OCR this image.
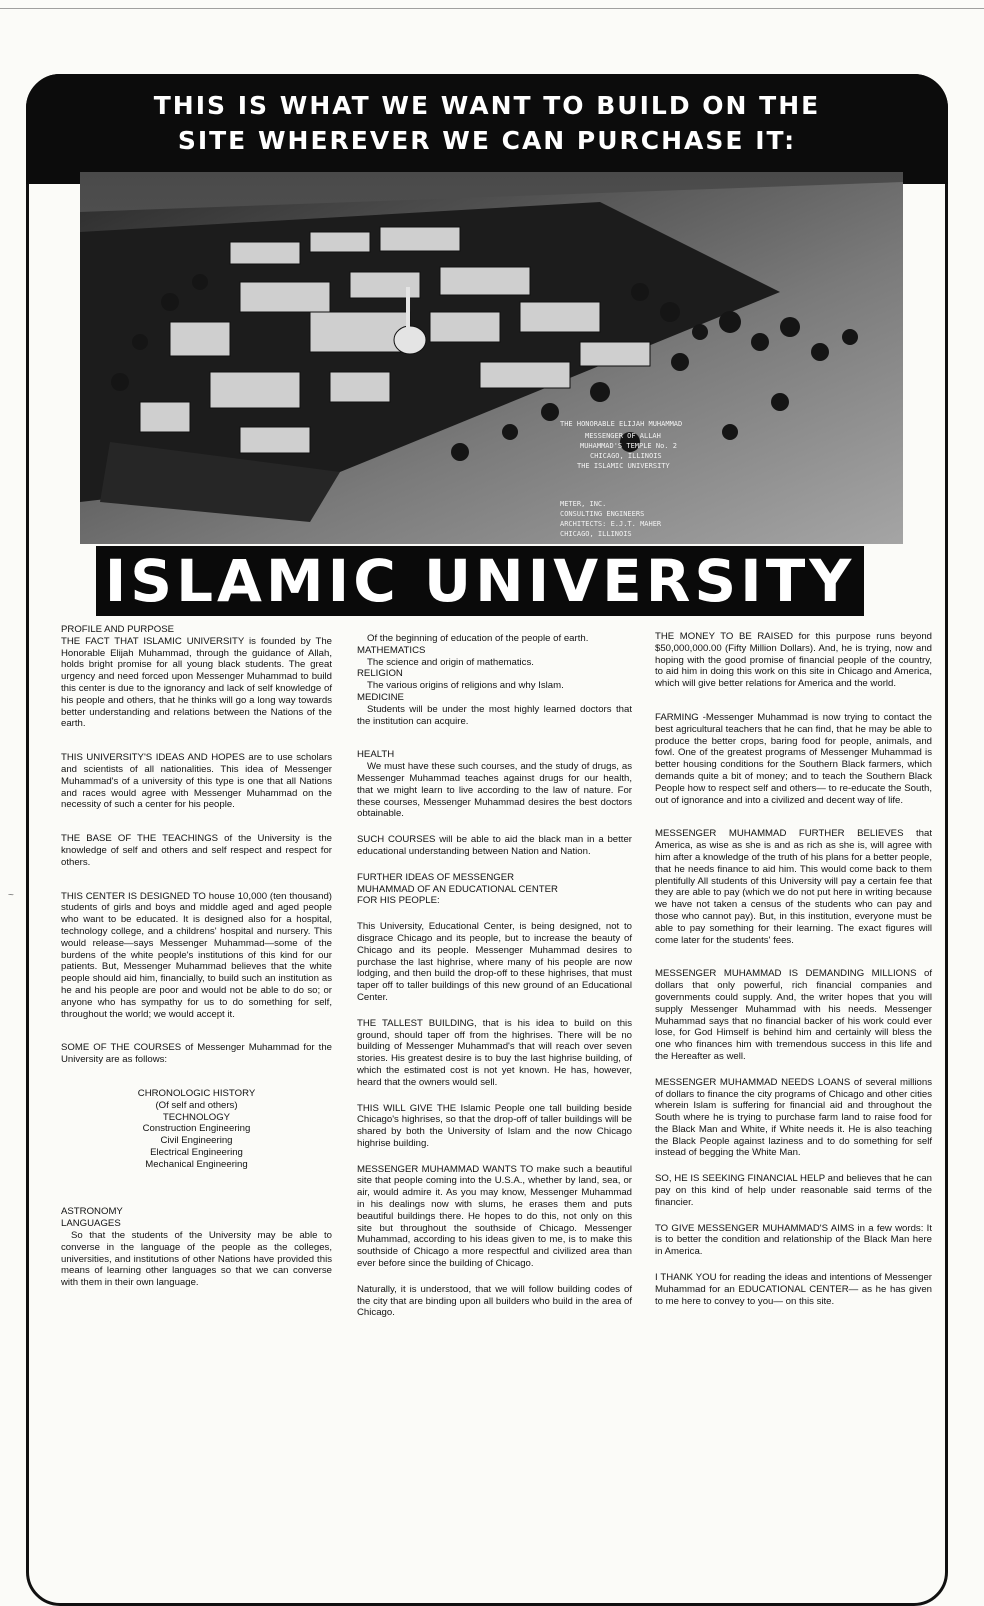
THIS IS WHAT WE WANT TO BUILD ON THE
SITE WHEREVER WE CAN PURCHASE IT:
THE HONORABLE ELIJAH MUHAMMAD
MESSENGER OF ALLAH
MUHAMMAD'S TEMPLE No. 2
CHICAGO, ILLINOIS
THE ISLAMIC UNIVERSITY
METER, INC.
CONSULTING ENGINEERS
ARCHITECTS: E.J.T. MAHER
CHICAGO, ILLINOIS
ISLAMIC UNIVERSITY

PROFILE AND PURPOSE

THE FACT THAT ISLAMIC UNIVERSITY is founded by The Honorable Elijah Muhammad, through the guidance of Allah, holds bright promise for all young black students. The great urgency and need forced upon Messenger Muhammad to build this center is due to the ignorancy and lack of self knowledge of his people and others, that he thinks will go a long way towards better understanding and relations between the Nations of the earth.

THIS UNIVERSITY'S IDEAS AND HOPES are to use scholars and scientists of all nationalities. This idea of Messenger Muhammad's of a university of this type is one that all Nations and races would agree with Messenger Muhammad on the necessity of such a center for his people.

THE BASE OF THE TEACHINGS of the University is the knowledge of self and others and self respect and respect for others.

THIS CENTER IS DESIGNED TO house 10,000 (ten thousand) students of girls and boys and middle aged and aged people who want to be educated. It is designed also for a hospital, technology college, and a childrens' hospital and nursery. This would release—says Messenger Muhammad—some of the burdens of the white people's institutions of this kind for our patients. But, Messenger Muhammad believes that the white people should aid him, financially, to build such an institution as he and his people are poor and would not be able to do so; or anyone who has sympathy for us to do something for self, throughout the world; we would accept it.

SOME OF THE COURSES of Messenger Muhammad for the University are as follows:

CHRONOLOGIC HISTORY

(Of self and others)

TECHNOLOGY

Construction Engineering

Civil Engineering

Electrical Engineering

Mechanical Engineering

ASTRONOMY

LANGUAGES

So that the students of the University may be able to converse in the language of the people as the colleges, universities, and institutions of other Nations have provided this means of learning other languages so that we can converse with them in their own language.

Of the beginning of education of the people of earth.

MATHEMATICS

The science and origin of mathematics.

RELIGION

The various origins of religions and why Islam.

MEDICINE

Students will be under the most highly learned doctors that the institution can acquire.

HEALTH

We must have these such courses, and the study of drugs, as Messenger Muhammad teaches against drugs for our health, that we might learn to live according to the law of nature. For these courses, Messenger Muhammad desires the best doctors obtainable.

SUCH COURSES will be able to aid the black man in a better educational understanding between Nation and Nation.

FURTHER IDEAS OF MESSENGER

MUHAMMAD OF AN EDUCATIONAL CENTER

FOR HIS PEOPLE:

This University, Educational Center, is being designed, not to disgrace Chicago and its people, but to increase the beauty of Chicago and its people. Messenger Muhammad desires to purchase the last highrise, where many of his people are now lodging, and then build the drop-off to these highrises, that must taper off to taller buildings of this new ground of an Educational Center.

THE TALLEST BUILDING, that is his idea to build on this ground, should taper off from the highrises. There will be no building of Messenger Muhammad's that will reach over seven stories. His greatest desire is to buy the last highrise building, of which the estimated cost is not yet known. He has, however, heard that the owners would sell.

THIS WILL GIVE THE Islamic People one tall building beside Chicago's highrises, so that the drop-off of taller buildings will be shared by both the University of Islam and the now Chicago highrise building.

MESSENGER MUHAMMAD WANTS TO make such a beautiful site that people coming into the U.S.A., whether by land, sea, or air, would admire it. As you may know, Messenger Muhammad in his dealings now with slums, he erases them and puts beautiful buildings there. He hopes to do this, not only on this site but throughout the southside of Chicago. Messenger Muhammad, according to his ideas given to me, is to make this southside of Chicago a more respectful and civilized area than ever before since the building of Chicago.

Naturally, it is understood, that we will follow building codes of the city that are binding upon all builders who build in the area of Chicago.

THE MONEY TO BE RAISED for this purpose runs beyond $50,000,000.00 (Fifty Million Dollars). And, he is trying, now and hoping with the good promise of financial people of the country, to aid him in doing this work on this site in Chicago and America, which will give better relations for America and the world.

FARMING -Messenger Muhammad is now trying to contact the best agricultural teachers that he can find, that he may be able to produce the better crops, baring food for people, animals, and fowl. One of the greatest programs of Messenger Muhammad is better housing conditions for the Southern Black farmers, which demands quite a bit of money; and to teach the Southern Black People how to respect self and others— to re-educate the South, out of ignorance and into a civilized and decent way of life.

MESSENGER MUHAMMAD FURTHER BELIEVES that America, as wise as she is and as rich as she is, will agree with him after a knowledge of the truth of his plans for a better people, that he needs finance to aid him. This would come back to them plentifully All students of this University will pay a certain fee that they are able to pay (which we do not put here in writing because we have not taken a census of the students who can pay and those who cannot pay). But, in this institution, everyone must be able to pay something for their learning. The exact figures will come later for the students' fees.

MESSENGER MUHAMMAD IS DEMANDING MILLIONS of dollars that only powerful, rich financial companies and governments could supply. And, the writer hopes that you will supply Messenger Muhammad with his needs. Messenger Muhammad says that no financial backer of his work could ever lose, for God Himself is behind him and certainly will bless the one who finances him with tremendous success in this life and the Hereafter as well.

MESSENGER MUHAMMAD NEEDS LOANS of several millions of dollars to finance the city programs of Chicago and other cities wherein Islam is suffering for financial aid and throughout the South where he is trying to purchase farm land to raise food for the Black Man and White, if White needs it. He is also teaching the Black People against laziness and to do something for self instead of begging the White Man.

SO, HE IS SEEKING FINANCIAL HELP and believes that he can pay on this kind of help under reasonable said terms of the financier.

TO GIVE MESSENGER MUHAMMAD'S AIMS in a few words: It is to better the condition and relationship of the Black Man here in America.

I THANK YOU for reading the ideas and intentions of Messenger Muhammad for an EDUCATIONAL CENTER— as he has given to me here to convey to you— on this site.

~
